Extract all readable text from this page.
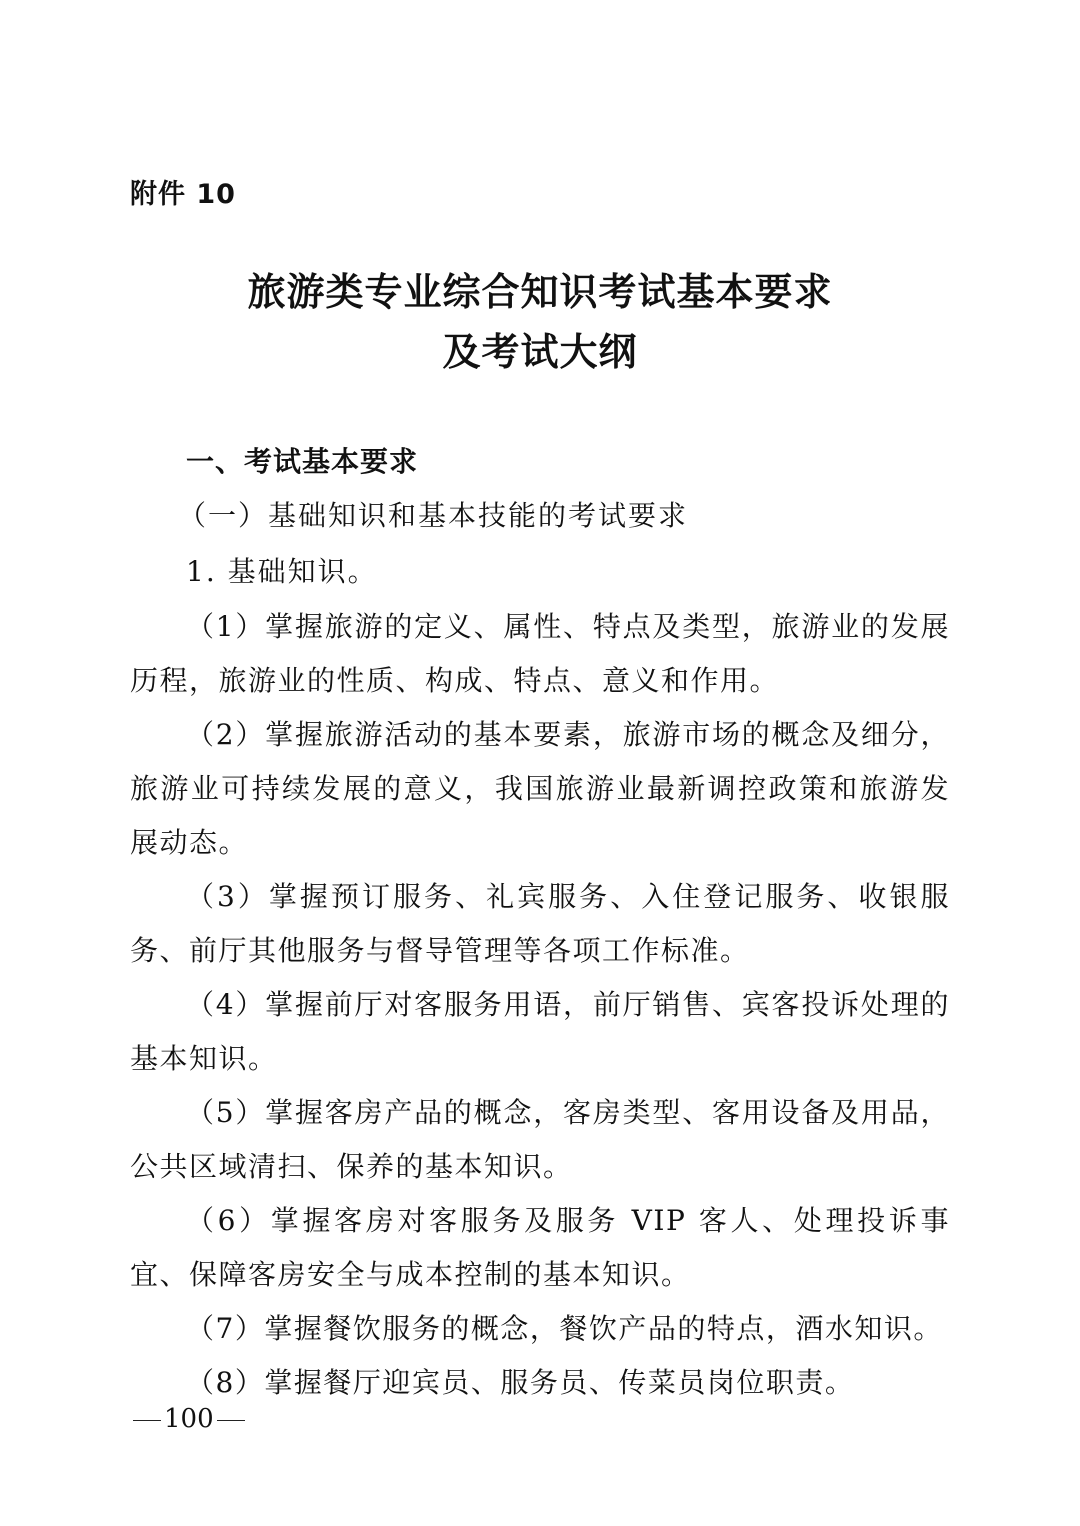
附件 10
旅游类专业综合知识考试基本要求
及考试大纲
一、考试基本要求
（一）基础知识和基本技能的考试要求
1. 基础知识。

（1）掌握旅游的定义、属性、特点及类型，旅游业的发展历程，旅游业的性质、构成、特点、意义和作用。

（2）掌握旅游活动的基本要素，旅游市场的概念及细分，旅游业可持续发展的意义，我国旅游业最新调控政策和旅游发展动态。

（3）掌握预订服务、礼宾服务、入住登记服务、收银服务、前厅其他服务与督导管理等各项工作标准。

（4）掌握前厅对客服务用语，前厅销售、宾客投诉处理的基本知识。

（5）掌握客房产品的概念，客房类型、客用设备及用品，公共区域清扫、保养的基本知识。

（6）掌握客房对客服务及服务 VIP 客人、处理投诉事宜、保障客房安全与成本控制的基本知识。

（7）掌握餐饮服务的概念，餐饮产品的特点，酒水知识。

（8）掌握餐厅迎宾员、服务员、传菜员岗位职责。

100
